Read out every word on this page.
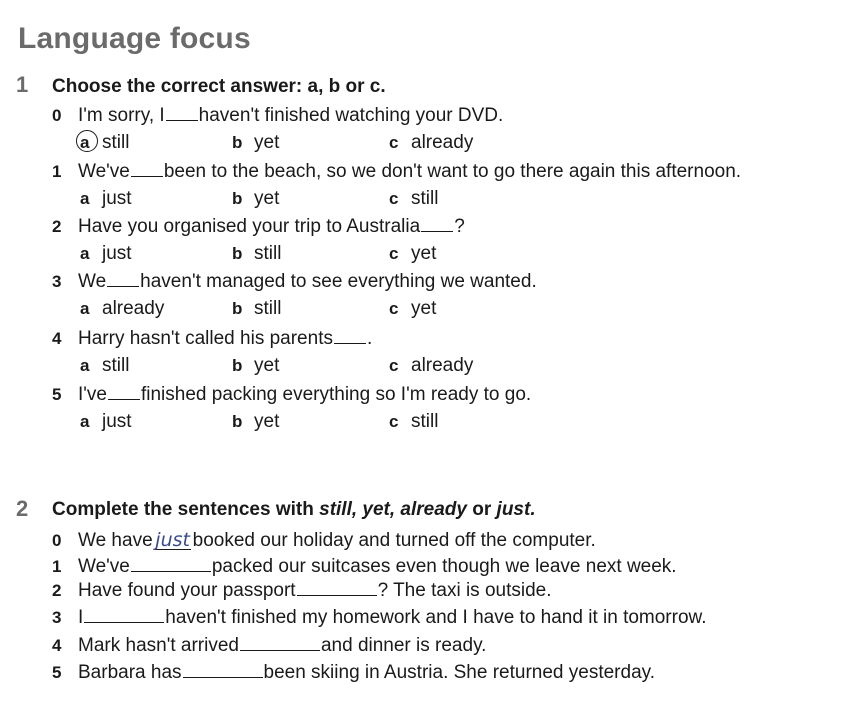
Language focus
1 Choose the correct answer: a, b or c.
0 I'm sorry, I haven't finished watching your DVD.
a still	b yet	c already
1 We've been to the beach, so we don't want to go there again this afternoon.
a just	b yet	c still
2 Have you organised your trip to Australia ?
a just	b still	c yet
3 We haven't managed to see everything we wanted.
a already	b still	c yet
4 Harry hasn't called his parents .
a still	b yet	c already
5 I've finished packing everything so I'm ready to go.
a just	b yet	c still
2 Complete the sentences with still, yet, already or just.
0 We have just booked our holiday and turned off the computer.
1 We've	packed our suitcases even though we leave next week.
2 Have found your passport	? The taxi is outside.
3 I	haven't finished my homework and I have to hand it in tomorrow.
4 Mark hasn't arrived	and dinner is ready.
5 Barbara has	been skiing in Austria. She returned yesterday.
